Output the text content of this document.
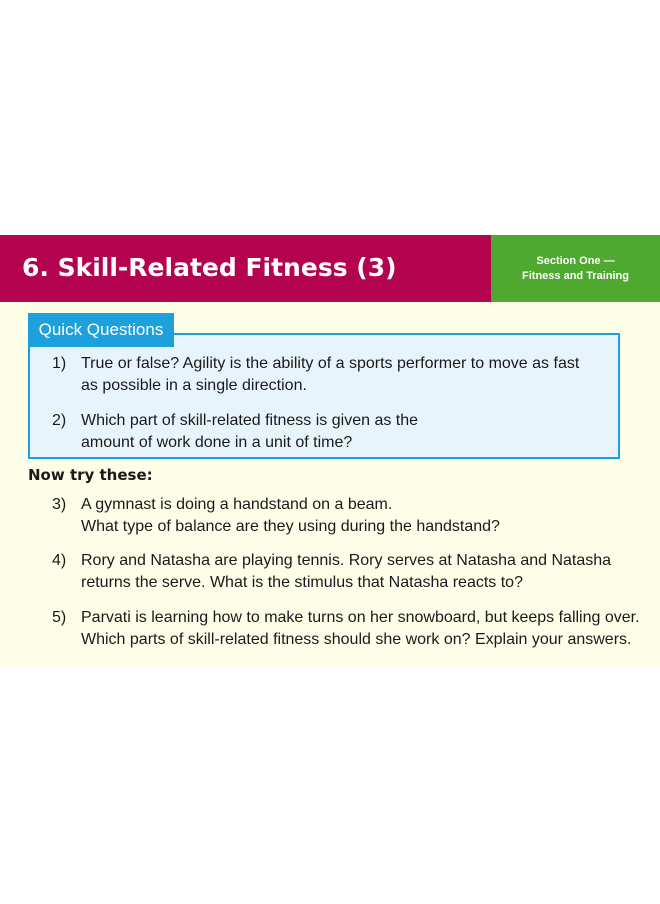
6. Skill-Related Fitness (3)	Section One —
Fitness and Training
Quick Questions
1) True or false? Agility is the ability of a sports performer to move as fast
as possible in a single direction.
2) Which part of skill-related fitness is given as the
amount of work done in a unit of time?
Now try these:
3) A gymnast is doing a handstand on a beam.
What type of balance are they using during the handstand?
4) Rory and Natasha are playing tennis. Rory serves at Natasha and Natasha
returns the serve. What is the stimulus that Natasha reacts to?
5) Parvati is learning how to make turns on her snowboard, but keeps falling over.
Which parts of skill-related fitness should she work on? Explain your answers.
